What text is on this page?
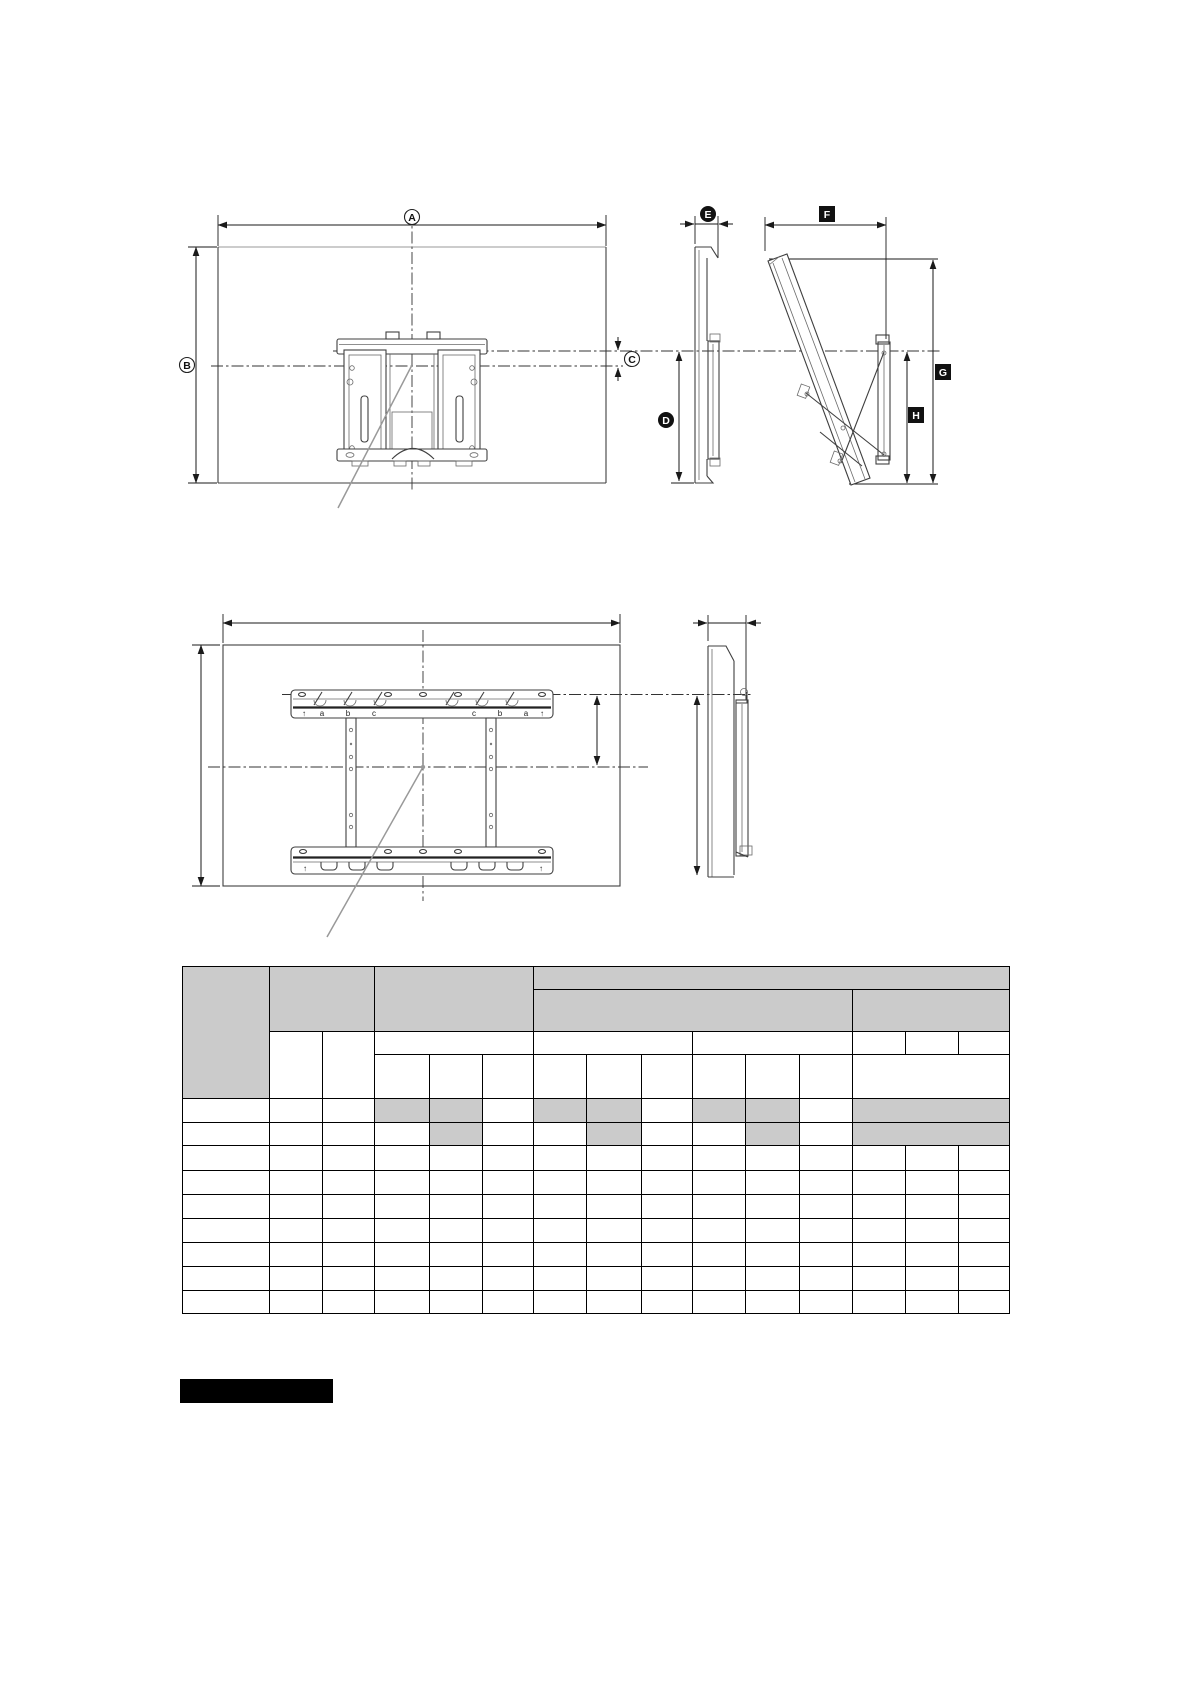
A
B	C
E
D
F
G
H
↑ a	b	c	c	b	a ↑
↑	↑
